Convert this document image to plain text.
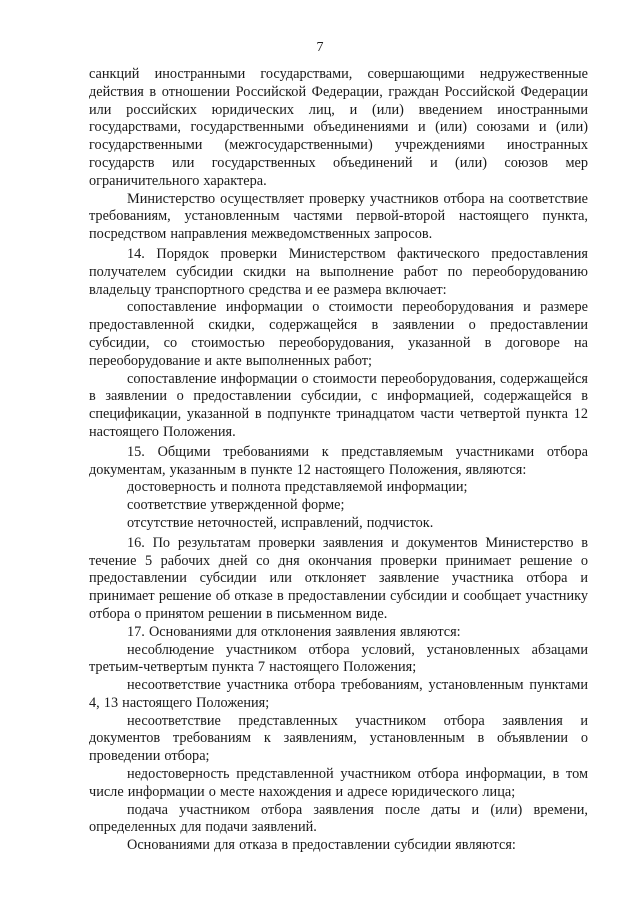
7

санкций иностранными государствами, совершающими недружественные действия в отношении Российской Федерации, граждан Российской Федерации или российских юридических лиц, и (или) введением иностранными государствами, государственными объединениями и (или) союзами и (или) государственными (межгосударственными) учреждениями иностранных государств или государственных объединений и (или) союзов мер ограничительного характера.

Министерство осуществляет проверку участников отбора на соответствие требованиям, установленным частями первой-второй настоящего пункта, посредством направления межведомственных запросов.

14. Порядок проверки Министерством фактического предоставления получателем субсидии скидки на выполнение работ по переоборудованию владельцу транспортного средства и ее размера включает:

сопоставление информации о стоимости переоборудования и размере предоставленной скидки, содержащейся в заявлении о предоставлении субсидии, со стоимостью переоборудования, указанной в договоре на переоборудование и акте выполненных работ;

сопоставление информации о стоимости переоборудования, содержащейся в заявлении о предоставлении субсидии, с информацией, содержащейся в спецификации, указанной в подпункте тринадцатом части четвертой пункта 12 настоящего Положения.

15. Общими требованиями к представляемым участниками отбора документам, указанным в пункте 12 настоящего Положения, являются:

достоверность и полнота представляемой информации;

соответствие утвержденной форме;

отсутствие неточностей, исправлений, подчисток.

16. По результатам проверки заявления и документов Министерство в течение 5 рабочих дней со дня окончания проверки принимает решение о предоставлении субсидии или отклоняет заявление участника отбора и принимает решение об отказе в предоставлении субсидии и сообщает участнику отбора о принятом решении в письменном виде.

17. Основаниями для отклонения заявления являются:

несоблюдение участником отбора условий, установленных абзацами третьим-четвертым пункта 7 настоящего Положения;

несоответствие участника отбора требованиям, установленным пунктами 4, 13 настоящего Положения;

несоответствие представленных участником отбора заявления и документов требованиям к заявлениям, установленным в объявлении о проведении отбора;

недостоверность представленной участником отбора информации, в том числе информации о месте нахождения и адресе юридического лица;

подача участником отбора заявления после даты и (или) времени, определенных для подачи заявлений.

Основаниями для отказа в предоставлении субсидии являются:
